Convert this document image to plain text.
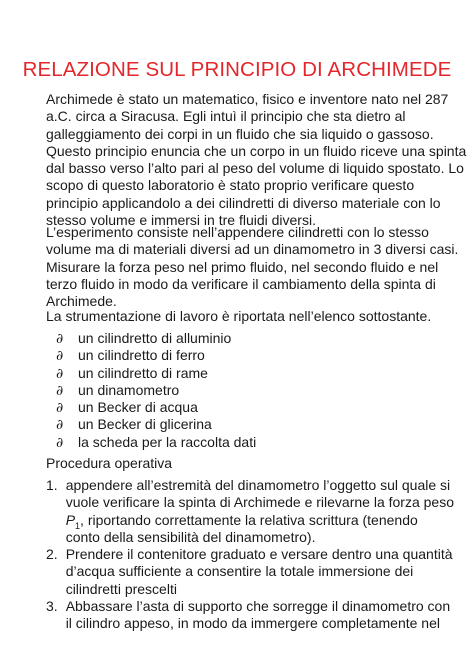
RELAZIONE SUL PRINCIPIO DI ARCHIMEDE
Archimede è stato un matematico, fisico e inventore nato nel 287
a.C. circa a Siracusa. Egli intuì il principio che sta dietro al
galleggiamento dei corpi in un fluido che sia liquido o gassoso.
Questo principio enuncia che un corpo in un fluido riceve una spinta
dal basso verso l’alto pari al peso del volume di liquido spostato. Lo
scopo di questo laboratorio è stato proprio verificare questo
principio applicandolo a dei cilindretti di diverso materiale con lo
stesso volume e immersi in tre fluidi diversi.
L’esperimento consiste nell’appendere cilindretti con lo stesso
volume ma di materiali diversi ad un dinamometro in 3 diversi casi.
Misurare la forza peso nel primo fluido, nel secondo fluido e nel
terzo fluido in modo da verificare il cambiamento della spinta di
Archimede.
La strumentazione di lavoro è riportata nell’elenco sottostante.
∂	un cilindretto di alluminio
∂	un cilindretto di ferro
∂	un cilindretto di rame
∂	un dinamometro
∂	un Becker di acqua
∂	un Becker di glicerina
∂	la scheda per la raccolta dati
Procedura operativa
1. appendere all’estremità del dinamometro l’oggetto sul quale si
vuole verificare la spinta di Archimede e rilevarne la forza peso
$P_1$, riportando correttamente la relativa scrittura (tenendo
conto della sensibilità del dinamometro).
2. Prendere il contenitore graduato e versare dentro una quantità
d’acqua sufficiente a consentire la totale immersione dei
cilindretti prescelti
3. Abbassare l’asta di supporto che sorregge il dinamometro con
il cilindro appeso, in modo da immergere completamente nel
